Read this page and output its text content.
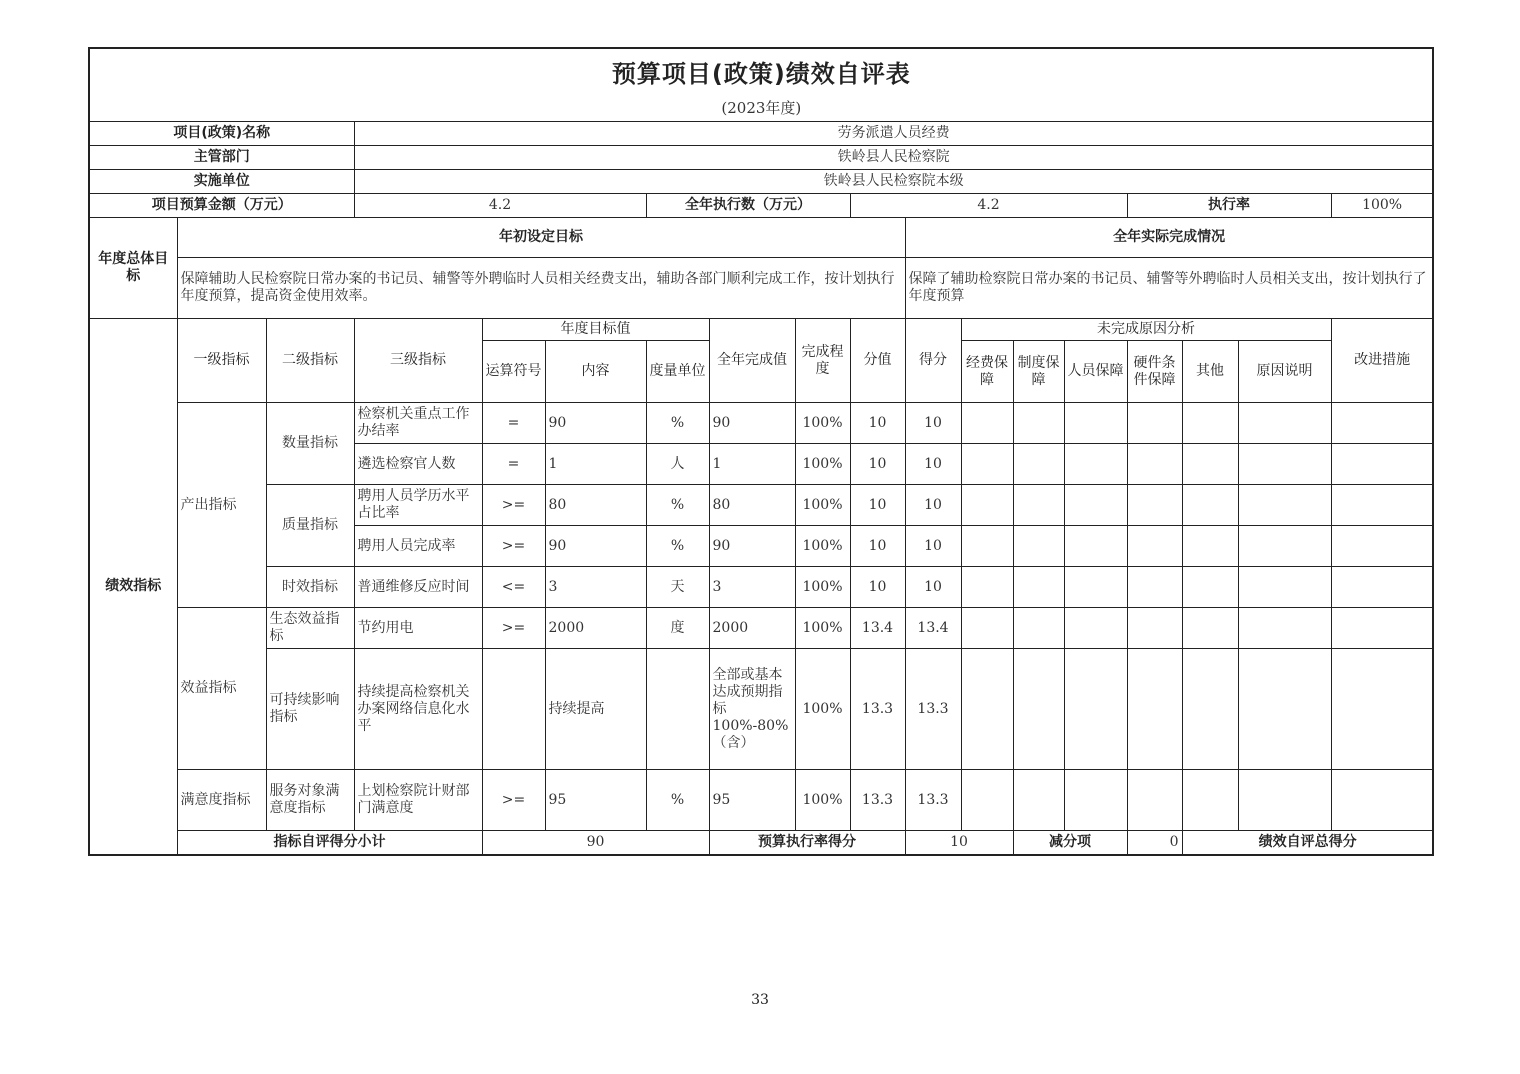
预算项目(政策)绩效自评表
(2023年度)																		

项目(政策)名称			劳务派遣人员经费															
主管部门			铁岭县人民检察院															
实施单位			铁岭县人民检察院本级															
项目预算金额（万元）			4.2			全年执行数（万元）			4.2					执行率			100%	
年度总体目标	年初设定目标									全年实际完成情况								
	保障辅助人民检察院日常办案的书记员、辅警等外聘临时人员相关经费支出，辅助各部门顺利完成工作，按计划执行年度预算，提高资金使用效率。									保障了辅助检察院日常办案的书记员、辅警等外聘临时人员相关支出，按计划执行了年度预算								
绩效指标	一级指标	二级指标	三级指标	年度目标值			全年完成值	完成程度	分值	得分	未完成原因分析						改进措施	
				运算符号	内容	度量单位					经费保障	制度保障	人员保障	硬件条件保障	其他	原因说明		
	产出指标	数量指标	检察机关重点工作办结率	=	90	%	90	100%	10	10								
			遴选检察官人数	=	1	人	1	100%	10	10								
		质量指标	聘用人员学历水平占比率	>=	80	%	80	100%	10	10								
			聘用人员完成率	>=	90	%	90	100%	10	10								
		时效指标	普通维修反应时间	<=	3	天	3	100%	10	10								
	效益指标	生态效益指标	节约用电	>=	2000	度	2000	100%	13.4	13.4								
		可持续影响指标	持续提高检察机关办案网络信息化水平		持续提高		全部或基本达成预期指标100%-80%（含）	100%	13.3	13.3								
	满意度指标	服务对象满意度指标	上划检察院计财部门满意度	>=	95	%	95	100%	13.3	13.3								
	指标自评得分小计			90			预算执行率得分			10		减分项		0	绩效自评总得分	
33
